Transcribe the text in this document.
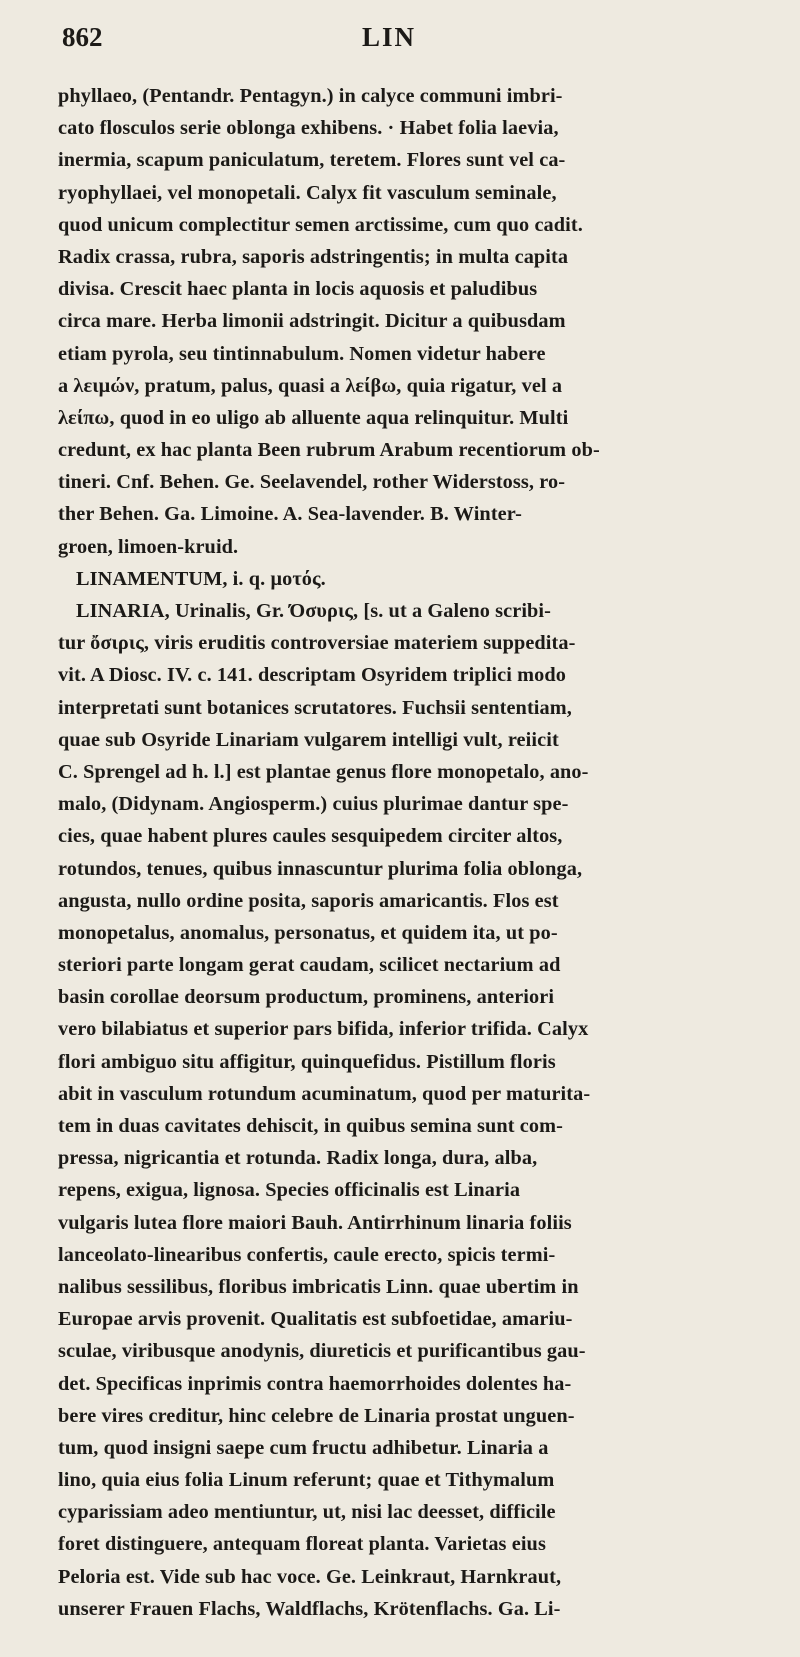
862	LIN
phyllaeo, (Pentandr. Pentagyn.) in calyce communi imbri-
cato flosculos serie oblonga exhibens. · Habet folia laevia,
inermia, scapum paniculatum, teretem. Flores sunt vel ca-
ryophyllaei, vel monopetali. Calyx fit vasculum seminale,
quod unicum complectitur semen arctissime, cum quo cadit.
Radix crassa, rubra, saporis adstringentis; in multa capita
divisa. Crescit haec planta in locis aquosis et paludibus
circa mare. Herba limonii adstringit. Dicitur a quibusdam
etiam pyrola, seu tintinnabulum. Nomen videtur habere
a λειμών, pratum, palus, quasi a λείβω, quia rigatur, vel a
λείπω, quod in eo uligo ab alluente aqua relinquitur. Multi
credunt, ex hac planta Been rubrum Arabum recentiorum ob-
tineri. Cnf. Behen. Ge. Seelavendel, rother Widerstoss, ro-
ther Behen. Ga. Limoine. A. Sea-lavender. B. Winter-
groen, limoen-kruid.
LINAMENTUM, i. q. μοτός.
LINARIA, Urinalis, Gr. Όσυρις, [s. ut a Galeno scribi-
tur ὄσιρις, viris eruditis controversiae materiem suppedita-
vit. A Diosc. IV. c. 141. descriptam Osyridem triplici modo
interpretati sunt botanices scrutatores. Fuchsii sententiam,
quae sub Osyride Linariam vulgarem intelligi vult, reiicit
C. Sprengel ad h. l.] est plantae genus flore monopetalo, ano-
malo, (Didynam. Angiosperm.) cuius plurimae dantur spe-
cies, quae habent plures caules sesquipedem circiter altos,
rotundos, tenues, quibus innascuntur plurima folia oblonga,
angusta, nullo ordine posita, saporis amaricantis. Flos est
monopetalus, anomalus, personatus, et quidem ita, ut po-
steriori parte longam gerat caudam, scilicet nectarium ad
basin corollae deorsum productum, prominens, anteriori
vero bilabiatus et superior pars bifida, inferior trifida. Calyx
flori ambiguo situ affigitur, quinquefidus. Pistillum floris
abit in vasculum rotundum acuminatum, quod per maturita-
tem in duas cavitates dehiscit, in quibus semina sunt com-
pressa, nigricantia et rotunda. Radix longa, dura, alba,
repens, exigua, lignosa. Species officinalis est Linaria
vulgaris lutea flore maiori Bauh. Antirrhinum linaria foliis
lanceolato-linearibus confertis, caule erecto, spicis termi-
nalibus sessilibus, floribus imbricatis Linn. quae ubertim in
Europae arvis provenit. Qualitatis est subfoetidae, amariu-
sculae, viribusque anodynis, diureticis et purificantibus gau-
det. Specificas inprimis contra haemorrhoides dolentes ha-
bere vires creditur, hinc celebre de Linaria prostat unguen-
tum, quod insigni saepe cum fructu adhibetur. Linaria a
lino, quia eius folia Linum referunt; quae et Tithymalum
cyparissiam adeo mentiuntur, ut, nisi lac deesset, difficile
foret distinguere, antequam floreat planta. Varietas eius
Peloria est. Vide sub hac voce. Ge. Leinkraut, Harnkraut,
unserer Frauen Flachs, Waldflachs, Krötenflachs. Ga. Li-
